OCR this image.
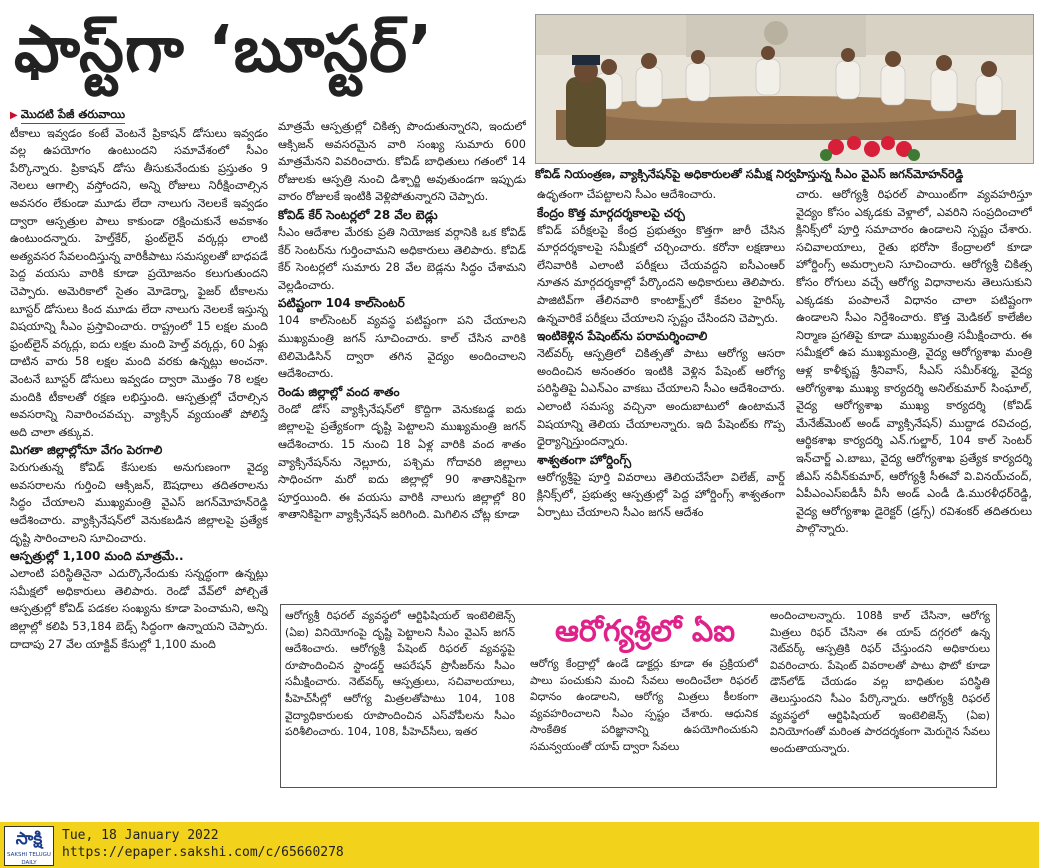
ఫాస్ట్‌గా ‘బూస్టర్’
కోవిడ్ నియంత్రణ, వ్యాక్సినేషన్‌పై అధికారులతో సమీక్ష నిర్వహిస్తున్న సీఎం వైఎస్ జగన్‌మోహన్‌రెడ్డి

▶ మొదటి పేజీ తరువాయి

టీకాలు ఇవ్వడం కంటే వెంటనే ప్రికాషన్ డోసులు ఇవ్వడం వల్ల ఉపయోగం ఉంటుందని సమావేశంలో సీఎం పేర్కొన్నారు. ప్రికాషన్ డోసు తీసుకునేందుకు ప్రస్తుతం 9 నెలలు ఆగాల్సి వస్తోందని, అన్ని రోజులు నిరీక్షించాల్సిన అవసరం లేకుండా మూడు లేదా నాలుగు నెలలకే ఇవ్వడం ద్వారా ఆస్పత్రుల పాలు కాకుండా రక్షించుకునే అవకాశం ఉంటుందన్నారు. హెల్త్‌కేర్, ఫ్రంట్‌లైన్ వర్కర్లు లాంటి అత్యవసర సేవలందిస్తున్న వారికీపాటు సమస్యలతో బాధపడే పెద్ద వయసు వారికి కూడా ప్రయోజనం కలుగుతుందని చెప్పారు. అమెరికాలో సైతం మోడెర్నా, ఫైజర్ టీకాలను బూస్టర్ డోసులు కింద మూడు లేదా నాలుగు నెలలకే ఇస్తున్న విషయాన్ని సీఎం ప్రస్తావించారు. రాష్ట్రంలో 15 లక్షల మంది ఫ్రంట్‌లైన్ వర్కర్లు, ఐదు లక్షల మంది హెల్త్ వర్కర్లు, 60 ఏళ్లు దాటిన వారు 58 లక్షల మంది వరకు ఉన్నట్లు అంచనా. వెంటనే బూస్టర్ డోసులు ఇవ్వడం ద్వారా మొత్తం 78 లక్షల మందికి టీకాలతో రక్షణ లభిస్తుంది. ఆస్పత్రుల్లో చేరాల్సిన అవసరాన్ని నివారించవచ్చు. వ్యాక్సిన్ వ్యయంతో పోలిస్తే అది చాలా తక్కువ.

మిగతా జిల్లాల్లోనూ వేగం పెరగాలి

పెరుగుతున్న కోవిడ్ కేసులకు అనుగుణంగా వైద్య అవసరాలను గుర్తించి ఆక్సిజన్, ఔషధాలు తదితరాలను సిద్ధం చేయాలని ముఖ్యమంత్రి వైఎస్ జగన్‌మోహన్‌రెడ్డి ఆదేశించారు. వ్యాక్సినేషన్‌లో వెనుకబడిన జిల్లాలపై ప్రత్యేక దృష్టి సారించాలని సూచించారు.

ఆస్పత్రుల్లో 1,100 మంది మాత్రమే..

ఎలాంటి పరిస్థితినైనా ఎదుర్కొనేందుకు సన్నద్ధంగా ఉన్నట్లు సమీక్షలో అధికారులు తెలిపారు. రెండో వేవ్‌లో పోల్చితే ఆస్పత్రుల్లో కోవిడ్ పడకల సంఖ్యను కూడా పెంచామని, అన్ని జిల్లాల్లో కలిపి 53,184 బెడ్స్ సిద్ధంగా ఉన్నాయని చెప్పారు. దాదాపు 27 వేల యాక్టివ్ కేసుల్లో 1,100 మంది

మాత్రమే ఆస్పత్రుల్లో చికిత్స పొందుతున్నారని, ఇందులో ఆక్సిజన్ అవసరమైన వారి సంఖ్య సుమారు 600 మాత్రమేనని వివరించారు. కోవిడ్ బాధితులు గతంలో 14 రోజులకు ఆస్పత్రి నుంచి డిశ్చార్జి అవుతుండగా ఇప్పుడు వారం రోజులకే ఇంటికి వెళ్లిపోతున్నారని చెప్పారు.

కోవిడ్ కేర్ సెంటర్లలో 28 వేల బెడ్లు

సీఎం ఆదేశాల మేరకు ప్రతి నియోజక వర్గానికి ఒక కోవిడ్ కేర్ సెంటర్‌ను గుర్తించామని అధికారులు తెలిపారు. కోవిడ్ కేర్ సెంటర్లలో సుమారు 28 వేల బెడ్లను సిద్ధం చేశామని వెల్లడించారు.

పటిష్టంగా 104 కాల్‌సెంటర్

104 కాల్‌సెంటర్ వ్యవస్థ పటిష్టంగా పని చేయాలని ముఖ్యమంత్రి జగన్ సూచించారు. కాల్ చేసిన వారికి టెలిమెడిసిన్ ద్వారా తగిన వైద్యం అందించాలని ఆదేశించారు.

రెండు జిల్లాల్లో వంద శాతం

రెండో డోస్ వ్యాక్సినేషన్‌లో కొద్దిగా వెనుకబడ్డ ఐదు జిల్లాలపై ప్రత్యేకంగా దృష్టి పెట్టాలని ముఖ్యమంత్రి జగన్ ఆదేశించారు. 15 నుంచి 18 ఏళ్ల వారికి వంద శాతం వ్యాక్సినేషన్‌ను నెల్లూరు, పశ్చిమ గోదావరి జిల్లాలు సాధించగా మరో ఐదు జిల్లాల్లో 90 శాతానికిపైగా పూర్తయింది. ఈ వయసు వారికి నాలుగు జిల్లాల్లో 80 శాతానికిపైగా వ్యాక్సినేషన్ జరిగింది. మిగిలిన చోట్ల కూడా

ఉధృతంగా చేపట్టాలని సీఎం ఆదేశించారు.

కేంద్రం కొత్త మార్గదర్శకాలపై చర్చ

కోవిడ్ పరీక్షలపై కేంద్ర ప్రభుత్వం కొత్తగా జారీ చేసిన మార్గదర్శకాలపై సమీక్షలో చర్చించారు. కరోనా లక్షణాలు లేనివారికి ఎలాంటి పరీక్షలు చేయవద్దని ఐసీఎంఆర్ నూతన మార్గదర్శకాల్లో పేర్కొందని అధికారులు తెలిపారు. పాజిటివ్‌గా తేలినవారి కాంటాక్ట్స్‌లో కేవలం హైరిస్క్ ఉన్నవారికే పరీక్షలు చేయాలని స్పష్టం చేసిందని చెప్పారు.

ఇంటికెళ్లిన పేషెంట్‌ను పరామర్శించాలి

నెట్‌వర్క్ ఆస్పత్రిలో చికిత్సతో పాటు ఆరోగ్య ఆసరా అందించిన అనంతరం ఇంటికి వెళ్లిన పేషెంట్ ఆరోగ్య పరిస్థితిపై ఏఎన్ఎం వాకబు చేయాలని సీఎం ఆదేశించారు. ఎలాంటి సమస్య వచ్చినా అందుబాటులో ఉంటామనే విషయాన్ని తెలియ చేయాలన్నారు. ఇది పేషెంట్‌కు గొప్ప ధైర్యాన్నిస్తుందన్నారు.

శాశ్వతంగా హోర్డింగ్స్

ఆరోగ్యశ్రీపై పూర్తి వివరాలు తెలియచేసేలా విలేజ్, వార్డ్ క్లినిక్స్‌లో, ప్రభుత్వ ఆస్పత్రుల్లో పెద్ద హోర్డింగ్స్ శాశ్వతంగా ఏర్పాటు చేయాలని సీఎం జగన్ ఆదేశం

చారు. ఆరోగ్యశ్రీ రిఫరల్ పాయింట్‌గా వ్యవహరిస్తూ వైద్యం కోసం ఎక్కడకు వెళ్లాలో, ఎవరిని సంప్రదించాలో క్లినిక్స్‌లో పూర్తి సమాచారం ఉండాలని స్పష్టం చేశారు. సచివాలయాలు, రైతు భరోసా కేంద్రాలలో కూడా హోర్డింగ్స్ అమర్చాలని సూచించారు. ఆరోగ్యశ్రీ చికిత్స కోసం రోగులు వచ్చే ఆరోగ్య విధానాలను తెలుసుకుని ఎక్కడకు పంపాలనే విధానం చాలా పటిష్టంగా ఉండాలని సీఎం నిర్దేశించారు. కొత్త మెడికల్ కాలేజీల నిర్మాణ ప్రగతిపై కూడా ముఖ్యమంత్రి సమీక్షించారు. ఈ సమీక్షలో ఉప ముఖ్యమంత్రి, వైద్య ఆరోగ్యశాఖ మంత్రి ఆళ్ల కాళీకృష్ణ శ్రీనివాస్, సీఎస్ సమీర్‌శర్మ, వైద్య ఆరోగ్యశాఖ ముఖ్య కార్యదర్శి అనిల్‌కుమార్ సింఘాల్, వైద్య ఆరోగ్యశాఖ ముఖ్య కార్యదర్శి (కోవిడ్ మేనేజ్‌మెంట్ అండ్ వ్యాక్సినేషన్) ముద్దాడ రవిచంద్ర, ఆర్థికశాఖ కార్యదర్శి ఎన్.గుల్జార్, 104 కాల్ సెంటర్ ఇన్‌చార్జ్ ఎ.బాబు, వైద్య ఆరోగ్యశాఖ ప్రత్యేక కార్యదర్శి జీఎస్ నవీన్‌కుమార్, ఆరోగ్యశ్రీ సీఈవో వి.వినయ్‌చంద్, ఏపీఎంఎస్ఐడీసీ వీసీ అండ్ ఎండీ డి.మురళీధర్‌రెడ్డి, వైద్య ఆరోగ్యశాఖ డైరెక్టర్ (డ్రగ్స్) రవిశంకర్ తదితరులు పాల్గొన్నారు.

ఆరోగ్యశ్రీలో ఏఐ

ఆరోగ్యశ్రీ రిఫరల్ వ్యవస్థలో ఆర్టిఫిషియల్ ఇంటెలిజెన్స్ (ఏఐ) వినియోగంపై దృష్టి పెట్టాలని సీఎం వైఎస్ జగన్ ఆదేశించారు. ఆరోగ్యశ్రీ పేషెంట్ రిఫరల్ వ్యవస్థపై రూపొందించిన స్టాండర్డ్ ఆపరేషన్ ప్రొసీజర్‌ను సీఎం సమీక్షించారు. నెట్‌వర్క్ ఆస్పత్రులు, సచివాలయాలు, పీహెచ్‌సీల్లో ఆరోగ్య మిత్రలతోపాటు 104, 108 వైద్యాధికారులకు రూపొందించిన ఎస్‌వోపీలను సీఎం పరిశీలించారు. 104, 108, పీహెచ్‌సీలు, ఇతర

ఆరోగ్య కేంద్రాల్లో ఉండే డాక్టర్లు కూడా ఈ ప్రక్రియలో పాలు పంచుకుని మంచి సేవలు అందించేలా రిఫరల్ విధానం ఉండాలని, ఆరోగ్య మిత్రలు కీలకంగా వ్యవహరించాలని సీఎం స్పష్టం చేశారు. ఆధునిక సాంకేతిక పరిజ్ఞానాన్ని ఉపయోగించుకుని సమన్వయంతో యాప్ ద్వారా సేవలు

అందించాలన్నారు. 108కి కాల్ చేసినా, ఆరోగ్య మిత్రలు రిఫర్ చేసినా ఈ యాప్ దగ్గరలో ఉన్న నెట్‌వర్క్ ఆస్పత్రికి రిఫర్ చేస్తుందని అధికారులు వివరించారు. పేషెంట్ వివరాలతో పాటు ఫొటో కూడా డౌన్‌లోడ్ చేయడం వల్ల బాధితుల పరిస్థితి తెలుస్తుందని సీఎం పేర్కొన్నారు. ఆరోగ్యశ్రీ రిఫరల్ వ్యవస్థలో ఆర్టిఫిషియల్ ఇంటెలిజెన్స్ (ఏఐ) వినియోగంతో మరింత పారదర్శకంగా మెరుగైన సేవలు అందుతాయన్నారు.

సాక్షి
SAKSHI TELUGU DAILY
Tue, 18 January 2022
https://epaper.sakshi.com/c/65660278
